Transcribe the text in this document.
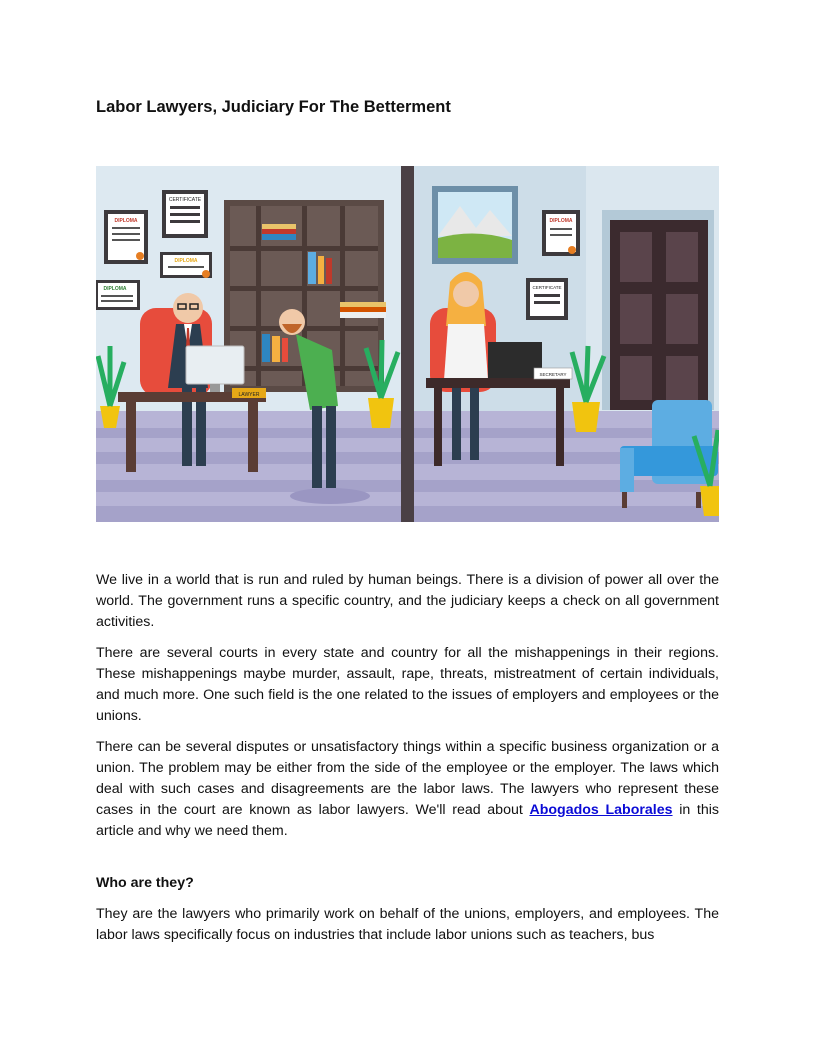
Labor Lawyers, Judiciary For The Betterment
CERTIFICATE
DIPLOMA
DIPLOMA
DIPLOMA
LAWYER
DIPLOMA
CERTIFICATE
SECRETARY

We live in a world that is run and ruled by human beings. There is a division of power all over the world. The government runs a specific country, and the judiciary keeps a check on all government activities.

There are several courts in every state and country for all the mishappenings in their regions. These mishappenings maybe murder, assault, rape, threats, mistreatment of certain individuals, and much more. One such field is the one related to the issues of employers and employees or the unions.

There can be several disputes or unsatisfactory things within a specific business organization or a union. The problem may be either from the side of the employee or the employer. The laws which deal with such cases and disagreements are the labor laws. The lawyers who represent these cases in the court are known as labor lawyers. We'll read about Abogados Laborales in this article and why we need them.

Who are they?

They are the lawyers who primarily work on behalf of the unions, employers, and employees. The labor laws specifically focus on industries that include labor unions such as teachers, bus
